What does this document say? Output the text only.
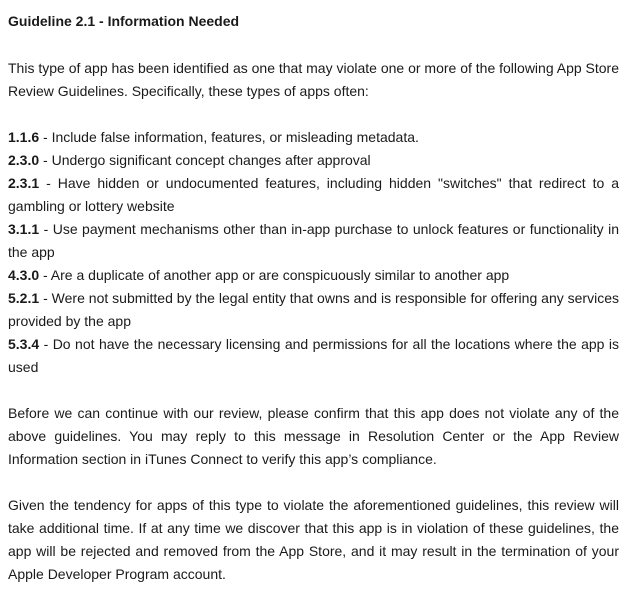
Guideline 2.1 - Information Needed

This type of app has been identified as one that may violate one or more of the following App Store Review Guidelines. Specifically, these types of apps often:

1.1.6 - Include false information, features, or misleading metadata.
2.3.0 - Undergo significant concept changes after approval
2.3.1 - Have hidden or undocumented features, including hidden "switches" that redirect to a gambling or lottery website
3.1.1 - Use payment mechanisms other than in-app purchase to unlock features or functionality in the app
4.3.0 - Are a duplicate of another app or are conspicuously similar to another app
5.2.1 - Were not submitted by the legal entity that owns and is responsible for offering any services provided by the app
5.3.4 - Do not have the necessary licensing and permissions for all the locations where the app is used

Before we can continue with our review, please confirm that this app does not violate any of the above guidelines. You may reply to this message in Resolution Center or the App Review Information section in iTunes Connect to verify this app’s compliance.

Given the tendency for apps of this type to violate the aforementioned guidelines, this review will take additional time. If at any time we discover that this app is in violation of these guidelines, the app will be rejected and removed from the App Store, and it may result in the termination of your Apple Developer Program account.
